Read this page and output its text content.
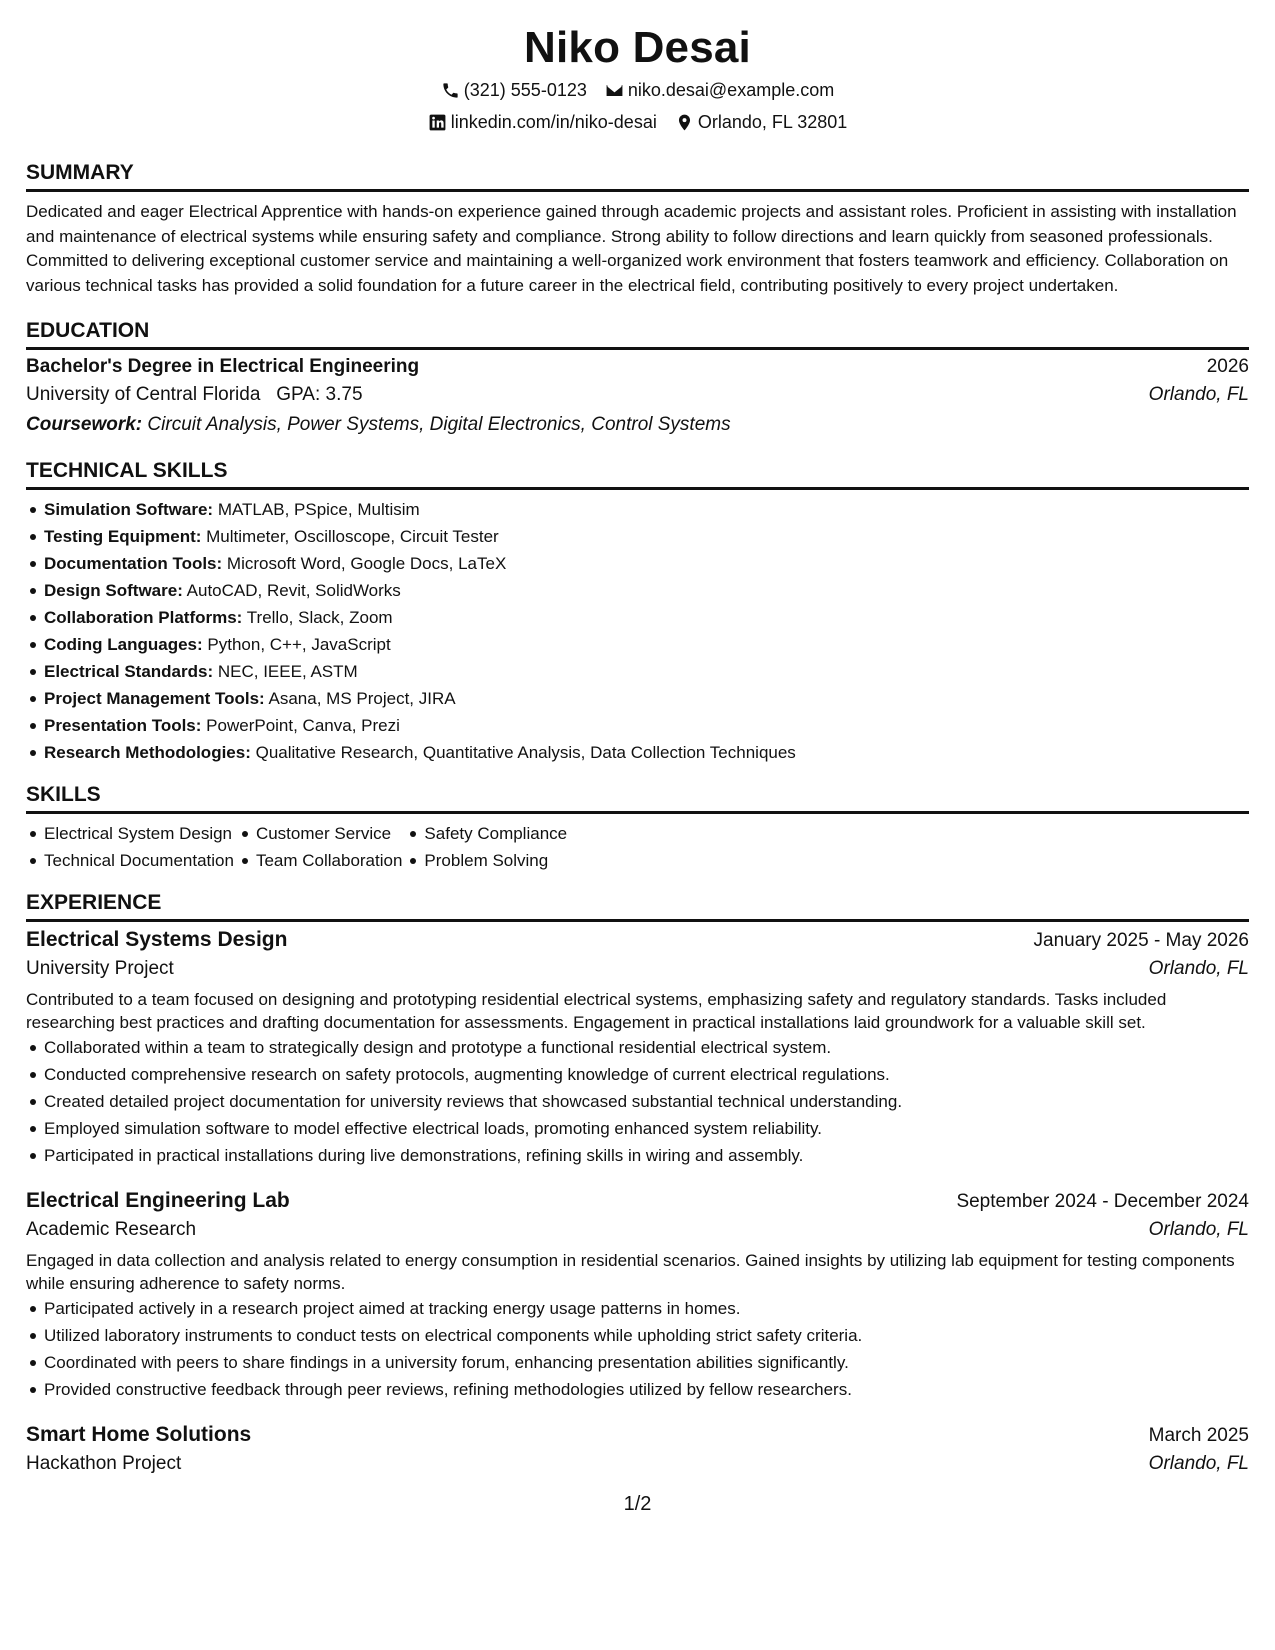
Niko Desai
(321) 555-0123 niko.desai@example.com
linkedin.com/in/niko-desai Orlando, FL 32801
SUMMARY

Dedicated and eager Electrical Apprentice with hands-on experience gained through academic projects and assistant roles. Proficient in assisting with installation and maintenance of electrical systems while ensuring safety and compliance. Strong ability to follow directions and learn quickly from seasoned professionals. Committed to delivering exceptional customer service and maintaining a well-organized work environment that fosters teamwork and efficiency. Collaboration on various technical tasks has provided a solid foundation for a future career in the electrical field, contributing positively to every project undertaken.

EDUCATION
Bachelor's Degree in Electrical Engineering	2026
University of Central Florida GPA: 3.75	Orlando, FL
Coursework: Circuit Analysis, Power Systems, Digital Electronics, Control Systems
TECHNICAL SKILLS
Simulation Software: MATLAB, PSpice, Multisim
Testing Equipment: Multimeter, Oscilloscope, Circuit Tester
Documentation Tools: Microsoft Word, Google Docs, LaTeX
Design Software: AutoCAD, Revit, SolidWorks
Collaboration Platforms: Trello, Slack, Zoom
Coding Languages: Python, C++, JavaScript
Electrical Standards: NEC, IEEE, ASTM
Project Management Tools: Asana, MS Project, JIRA
Presentation Tools: PowerPoint, Canva, Prezi
Research Methodologies: Qualitative Research, Quantitative Analysis, Data Collection Techniques
SKILLS
Electrical System Design
Technical Documentation
Customer Service
Team Collaboration
Safety Compliance
Problem Solving
EXPERIENCE
Electrical Systems Design	January 2025 - May 2026
University Project	Orlando, FL

Contributed to a team focused on designing and prototyping residential electrical systems, emphasizing safety and regulatory standards. Tasks included researching best practices and drafting documentation for assessments. Engagement in practical installations laid groundwork for a valuable skill set.

Collaborated within a team to strategically design and prototype a functional residential electrical system.
Conducted comprehensive research on safety protocols, augmenting knowledge of current electrical regulations.
Created detailed project documentation for university reviews that showcased substantial technical understanding.
Employed simulation software to model effective electrical loads, promoting enhanced system reliability.
Participated in practical installations during live demonstrations, refining skills in wiring and assembly.
Electrical Engineering Lab	September 2024 - December 2024
Academic Research	Orlando, FL

Engaged in data collection and analysis related to energy consumption in residential scenarios. Gained insights by utilizing lab equipment for testing components while ensuring adherence to safety norms.

Participated actively in a research project aimed at tracking energy usage patterns in homes.
Utilized laboratory instruments to conduct tests on electrical components while upholding strict safety criteria.
Coordinated with peers to share findings in a university forum, enhancing presentation abilities significantly.
Provided constructive feedback through peer reviews, refining methodologies utilized by fellow researchers.
Smart Home Solutions	March 2025
Hackathon Project	Orlando, FL
1/2
